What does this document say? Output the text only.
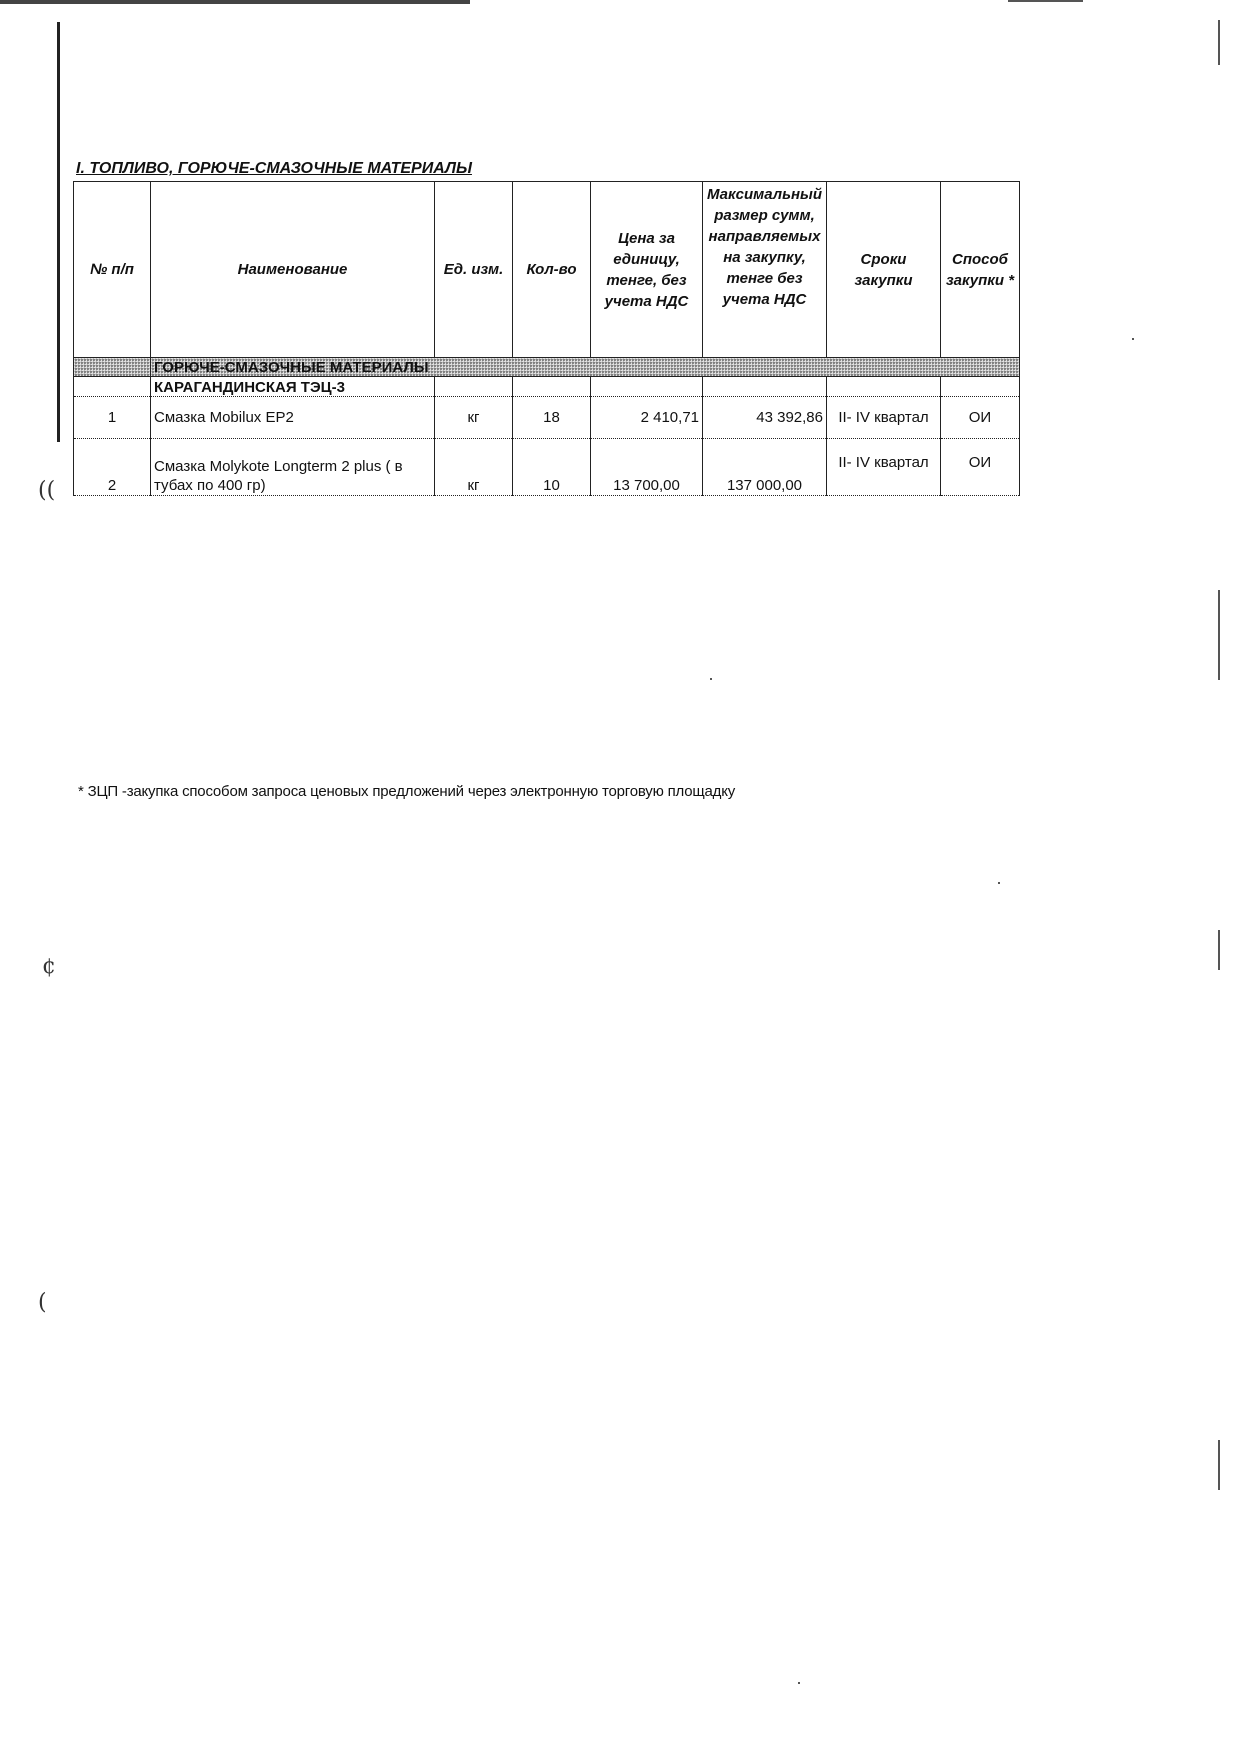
((
¢
(
I. ТОПЛИВО, ГОРЮЧЕ-СМАЗОЧНЫЕ МАТЕРИАЛЫ
№ п/п	Наименование	Ед. изм.	Кол-во	Цена за единицу, тенге, без учета НДС	Максимальный размер сумм, направляемых на закупку, тенге без учета НДС	Сроки закупки	Способ закупки *
	ГОРЮЧЕ-СМАЗОЧНЫЕ МАТЕРИАЛЫ						
	КАРАГАНДИНСКАЯ ТЭЦ-3						
1	Смазка Mobilux EP2	кг	18	2 410,71	43 392,86	II- IV квартал	ОИ
2	Смазка Molykote Longterm 2 plus ( в тубах по 400 гр)	кг	10	13 700,00	137 000,00	II- IV квартал	ОИ
* ЗЦП -закупка способом запроса ценовых предложений через электронную торговую площадку
